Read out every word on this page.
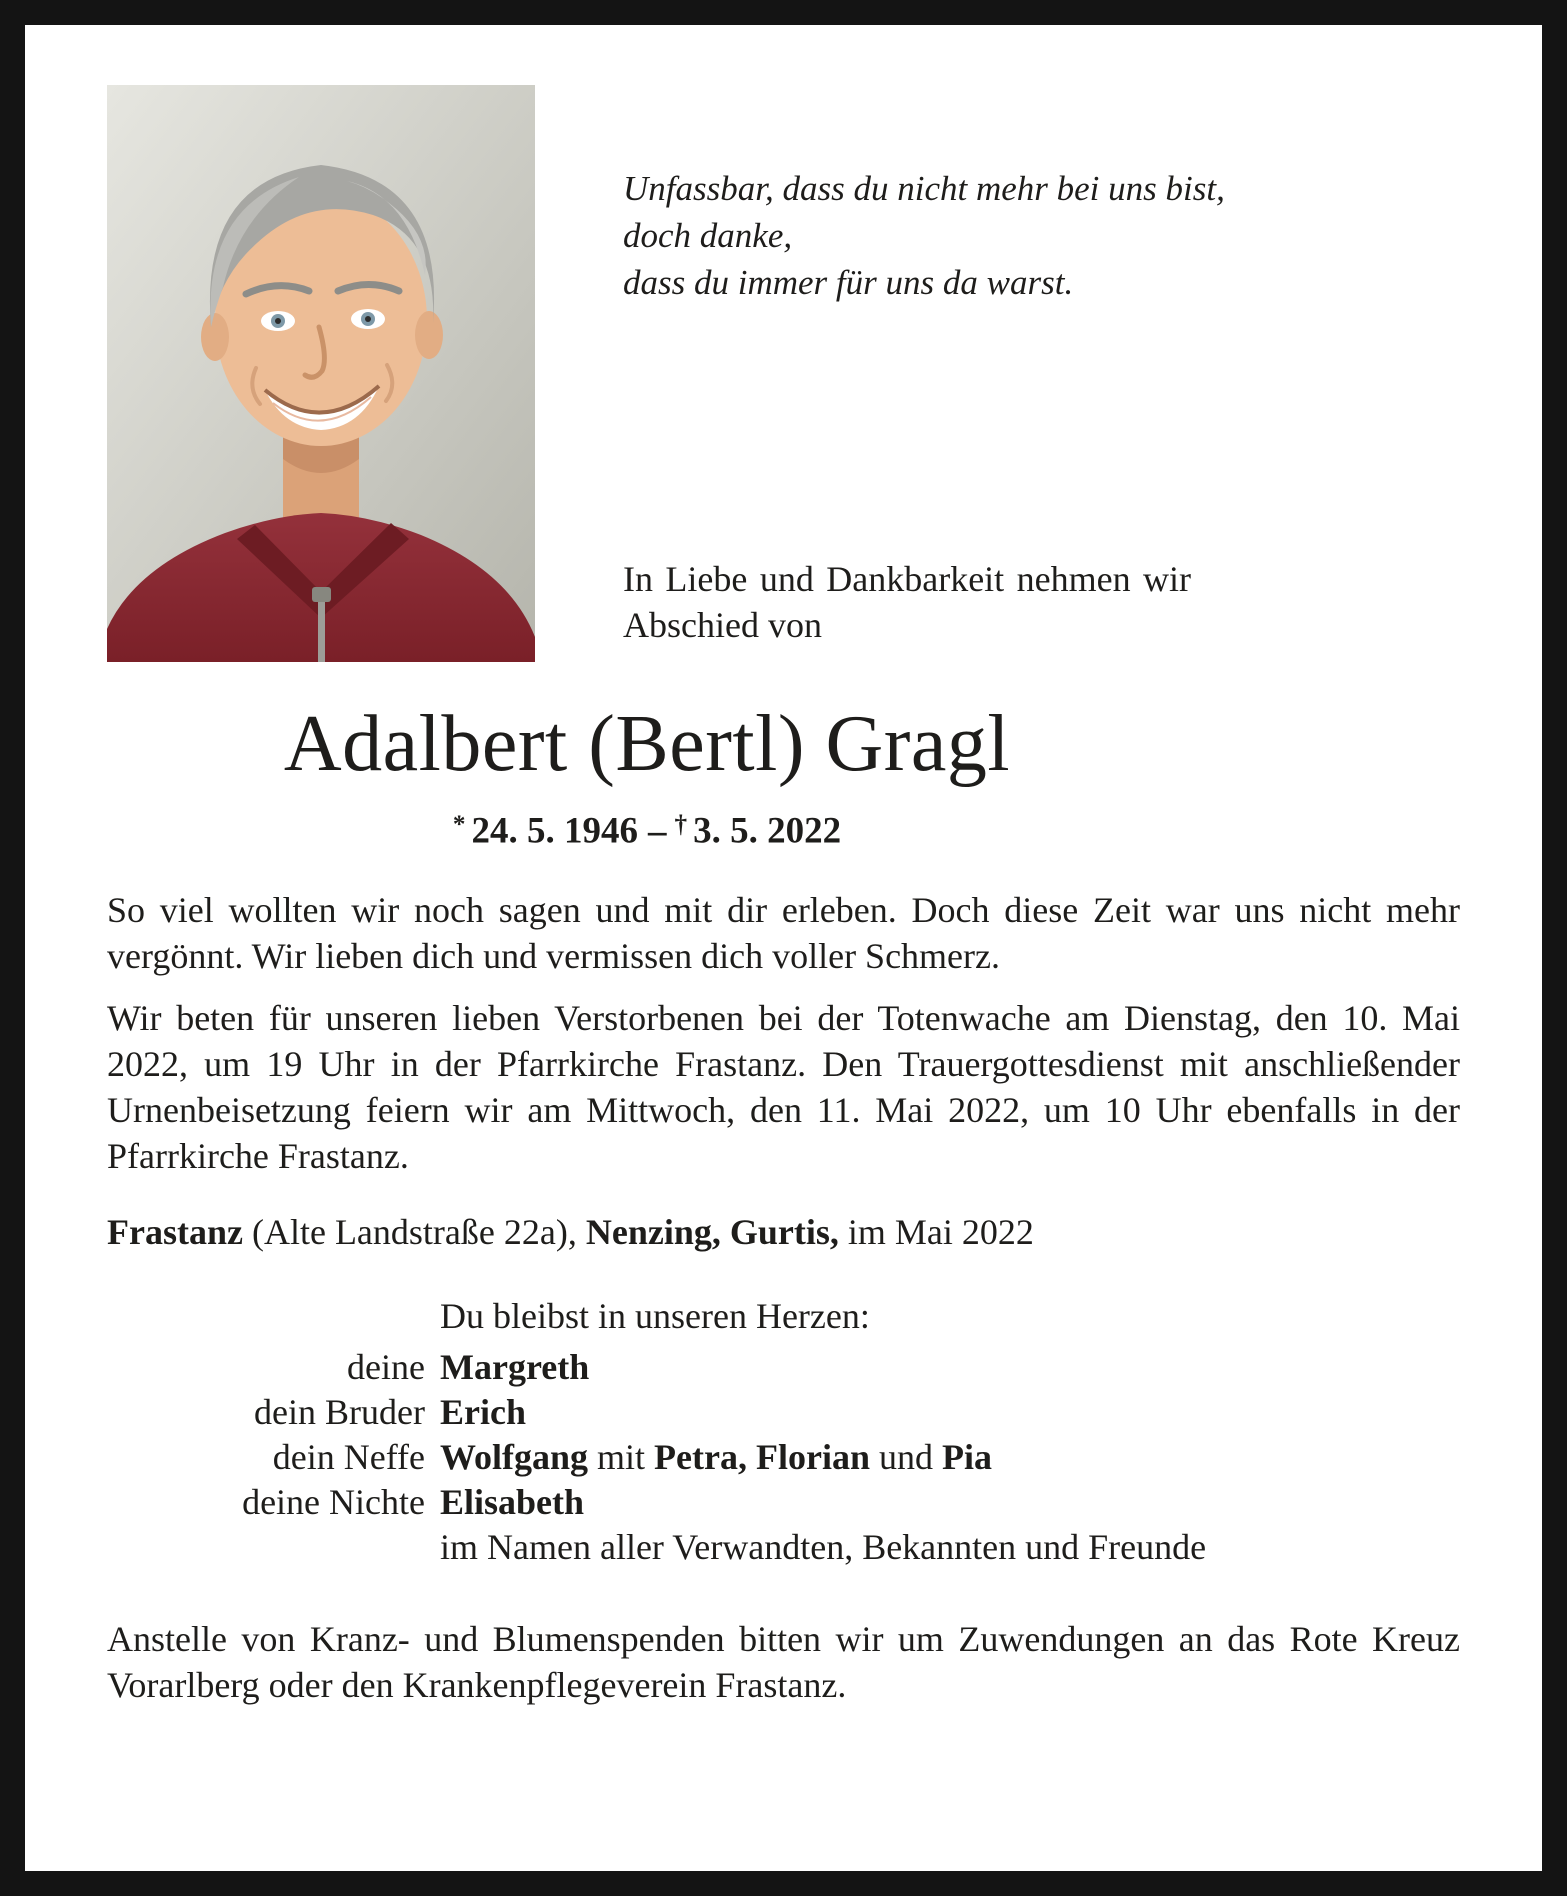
Unfassbar, dass du nicht mehr bei uns bist,
doch danke,
dass du immer für uns da warst.
In Liebe und Dankbarkeit nehmen wir Abschied von
Adalbert (Bertl) Gragl
* 24. 5. 1946 – † 3. 5. 2022

So viel wollten wir noch sagen und mit dir erleben. Doch diese Zeit war uns nicht mehr vergönnt. Wir lieben dich und vermissen dich voller Schmerz.

Wir beten für unseren lieben Verstorbenen bei der Totenwache am Dienstag, den 10. Mai 2022, um 19 Uhr in der Pfarrkirche Frastanz. Den Trauergottesdienst mit anschließender Urnenbeisetzung feiern wir am Mittwoch, den 11. Mai 2022, um 10 Uhr ebenfalls in der Pfarrkirche Frastanz.

Frastanz (Alte Landstraße 22a), Nenzing, Gurtis, im Mai 2022
Du bleibst in unseren Herzen:
deine Margreth
dein Bruder Erich
dein Neffe Wolfgang mit Petra, Florian und Pia
deine Nichte Elisabeth
im Namen aller Verwandten, Bekannten und Freunde

Anstelle von Kranz- und Blumenspenden bitten wir um Zuwendungen an das Rote Kreuz Vorarlberg oder den Krankenpflegeverein Frastanz.
